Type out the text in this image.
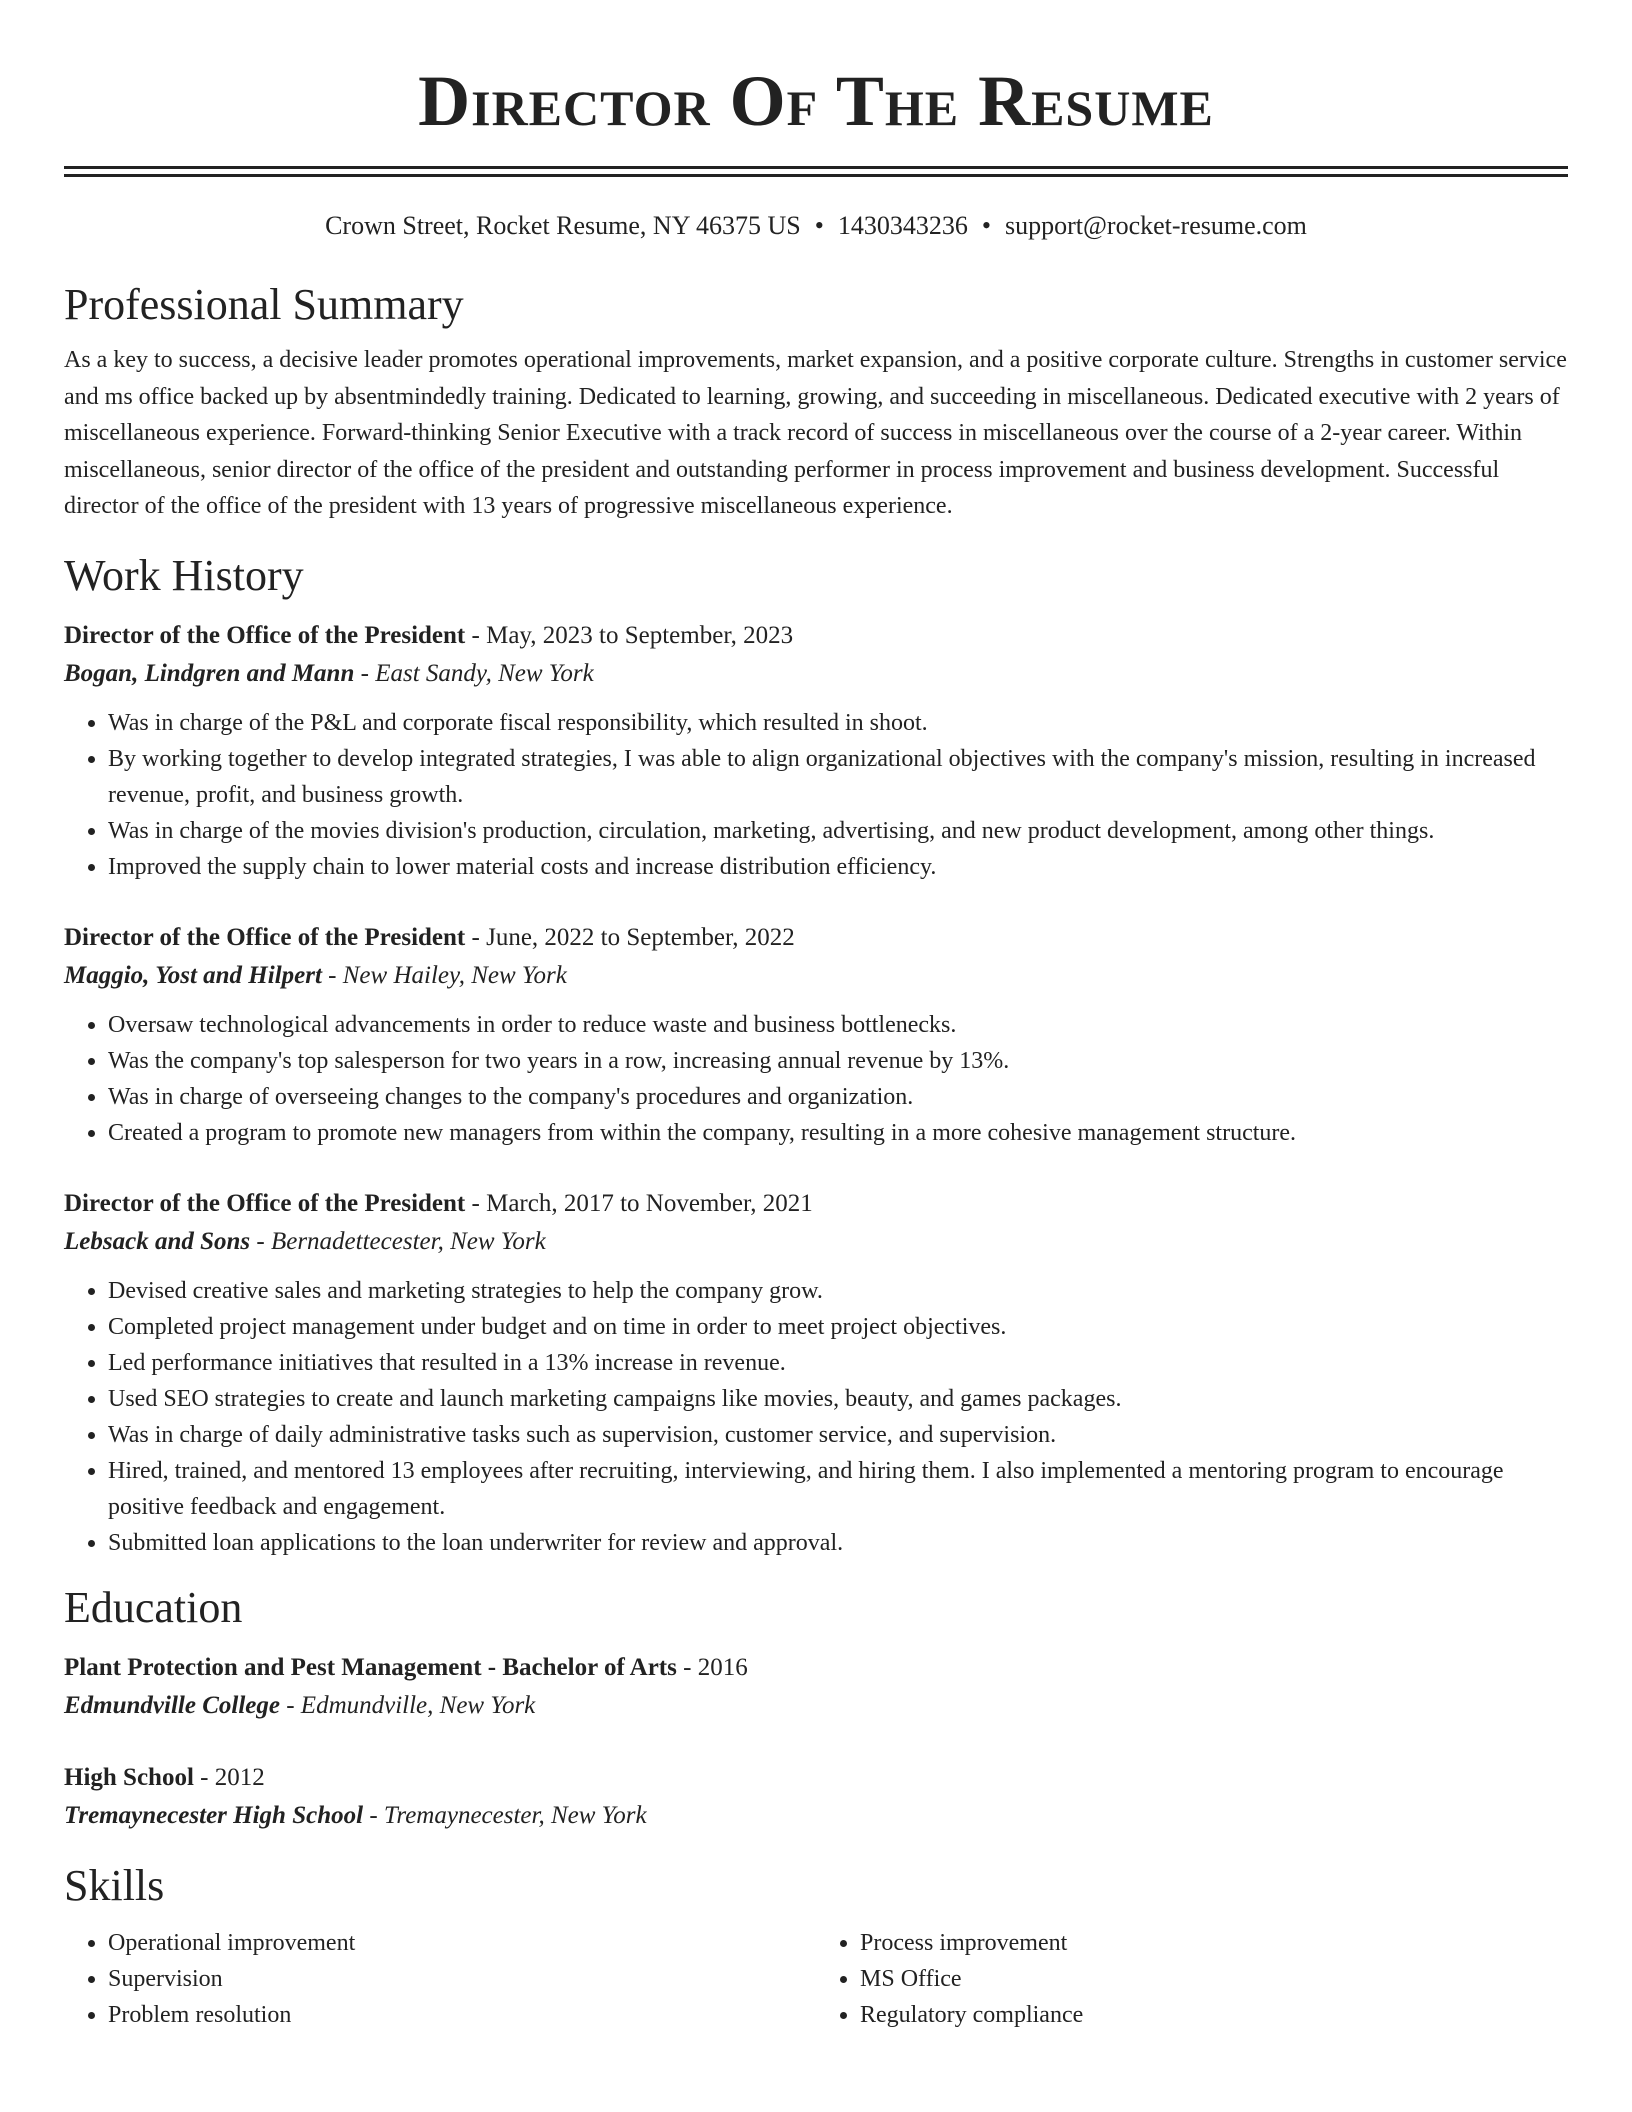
Director Of The Resume
Crown Street, Rocket Resume, NY 46375 US • 1430343236 • support@rocket-resume.com
Professional Summary

As a key to success, a decisive leader promotes operational improvements, market expansion, and a positive corporate culture. Strengths in customer service and ms office backed up by absentmindedly training. Dedicated to learning, growing, and succeeding in miscellaneous. Dedicated executive with 2 years of miscellaneous experience. Forward-thinking Senior Executive with a track record of success in miscellaneous over the course of a 2-year career. Within miscellaneous, senior director of the office of the president and outstanding performer in process improvement and business development. Successful director of the office of the president with 13 years of progressive miscellaneous experience.

Work History
Director of the Office of the President - May, 2023 to September, 2023
Bogan, Lindgren and Mann - East Sandy, New York
• Was in charge of the P&L and corporate fiscal responsibility, which resulted in shoot.
• By working together to develop integrated strategies, I was able to align organizational objectives with the company's mission, resulting in increased revenue, profit, and business growth.
• Was in charge of the movies division's production, circulation, marketing, advertising, and new product development, among other things.
• Improved the supply chain to lower material costs and increase distribution efficiency.
Director of the Office of the President - June, 2022 to September, 2022
Maggio, Yost and Hilpert - New Hailey, New York
• Oversaw technological advancements in order to reduce waste and business bottlenecks.
• Was the company's top salesperson for two years in a row, increasing annual revenue by 13%.
• Was in charge of overseeing changes to the company's procedures and organization.
• Created a program to promote new managers from within the company, resulting in a more cohesive management structure.
Director of the Office of the President - March, 2017 to November, 2021
Lebsack and Sons - Bernadettecester, New York
• Devised creative sales and marketing strategies to help the company grow.
• Completed project management under budget and on time in order to meet project objectives.
• Led performance initiatives that resulted in a 13% increase in revenue.
• Used SEO strategies to create and launch marketing campaigns like movies, beauty, and games packages.
• Was in charge of daily administrative tasks such as supervision, customer service, and supervision.
• Hired, trained, and mentored 13 employees after recruiting, interviewing, and hiring them. I also implemented a mentoring program to encourage positive feedback and engagement.
• Submitted loan applications to the loan underwriter for review and approval.
Education
Plant Protection and Pest Management - Bachelor of Arts - 2016
Edmundville College - Edmundville, New York
High School - 2012
Tremaynecester High School - Tremaynecester, New York
Skills
• Operational improvement
• Supervision
• Problem resolution
• Process improvement
• MS Office
• Regulatory compliance
